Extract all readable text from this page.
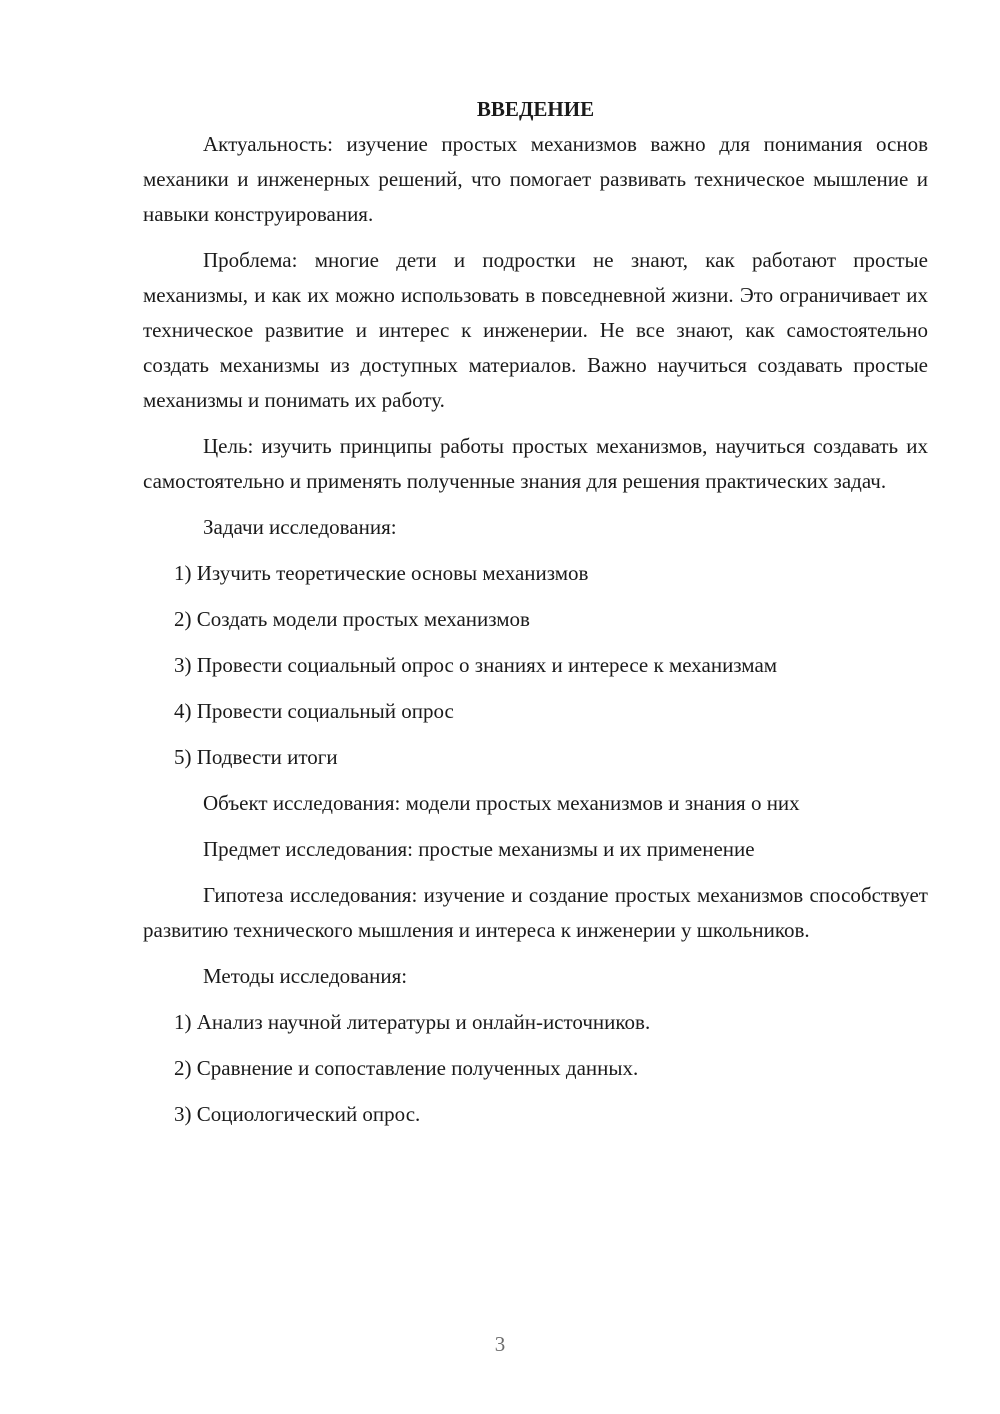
ВВЕДЕНИЕ

Актуальность: изучение простых механизмов важно для понимания основ механики и инженерных решений, что помогает развивать техническое мышление и навыки конструирования.

Проблема: многие дети и подростки не знают, как работают простые механизмы, и как их можно использовать в повседневной жизни. Это ограничивает их техническое развитие и интерес к инженерии. Не все знают, как самостоятельно создать механизмы из доступных материалов. Важно научиться создавать простые механизмы и понимать их работу.

Цель: изучить принципы работы простых механизмов, научиться создавать их самостоятельно и применять полученные знания для решения практических задач.

Задачи исследования:
1) Изучить теоретические основы механизмов
2) Создать модели простых механизмов
3) Провести социальный опрос о знаниях и интересе к механизмам
4) Провести социальный опрос
5) Подвести итоги
Объект исследования: модели простых механизмов и знания о них
Предмет исследования: простые механизмы и их применение

Гипотеза исследования: изучение и создание простых механизмов способствует развитию технического мышления и интереса к инженерии у школьников.

Методы исследования:
1) Анализ научной литературы и онлайн-источников.
2) Сравнение и сопоставление полученных данных.
3) Социологический опрос.
3
